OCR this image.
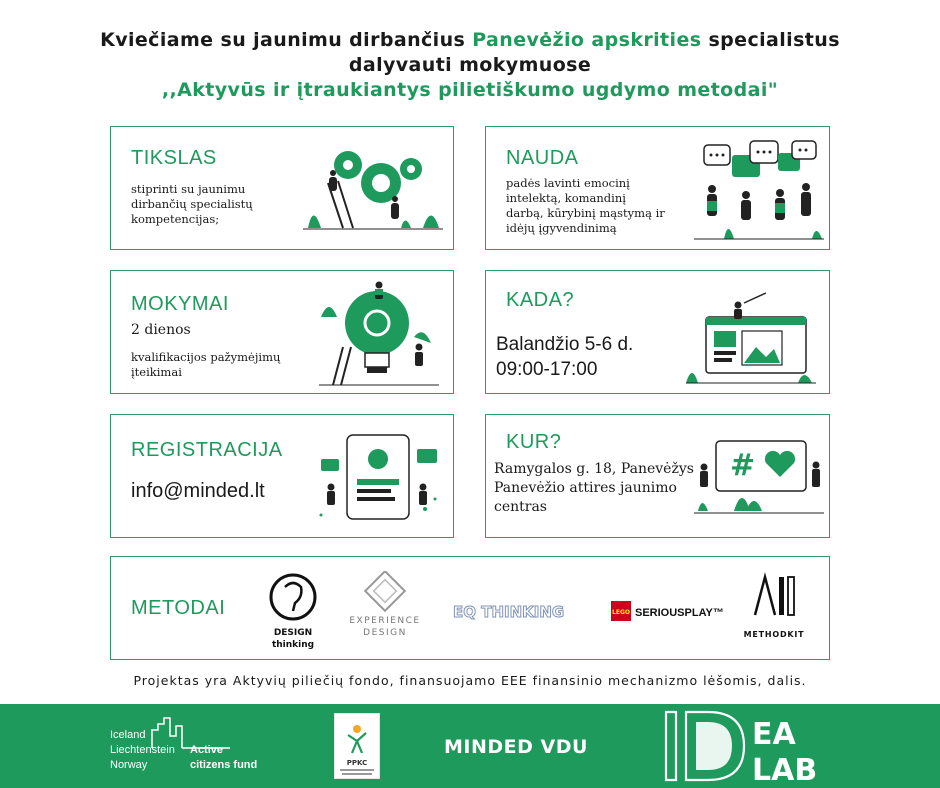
Kviečiame su jaunimu dirbančius Panevėžio apskrities specialistus
dalyvauti mokymuose
,,Aktyvūs ir įtraukiantys pilietiškumo ugdymo metodai"
TIKSLAS
stiprinti su jaunimu
dirbančių specialistų
kompetencijas;
NAUDA
padės lavinti emocinį
intelektą, komandinį
darbą, kūrybinį mąstymą ir
idėjų įgyvendinimą
MOKYMAI
2 dienos
kvalifikacijos pažymėjimų
įteikimai
KADA?
Balandžio 5-6 d.
09:00-17:00
REGISTRACIJA
info@minded.lt
KUR?
Ramygalos g. 18, Panevėžys
Panevėžio attires jaunimo
centras
#
METODAI
DESIGN
thinking
EXPERIENCE
DESIGN
EQ THINKING	LEGO SERIOUSPLAY™
METHODKIT
Projektas yra Aktyvių piliečių fondo, finansuojamo EEE finansinio mechanizmo lėšomis, dalis.
Iceland
Liechtenstein
Norway
Active
citizens fund	PPKC
MINDED VDU	EA
LAB
